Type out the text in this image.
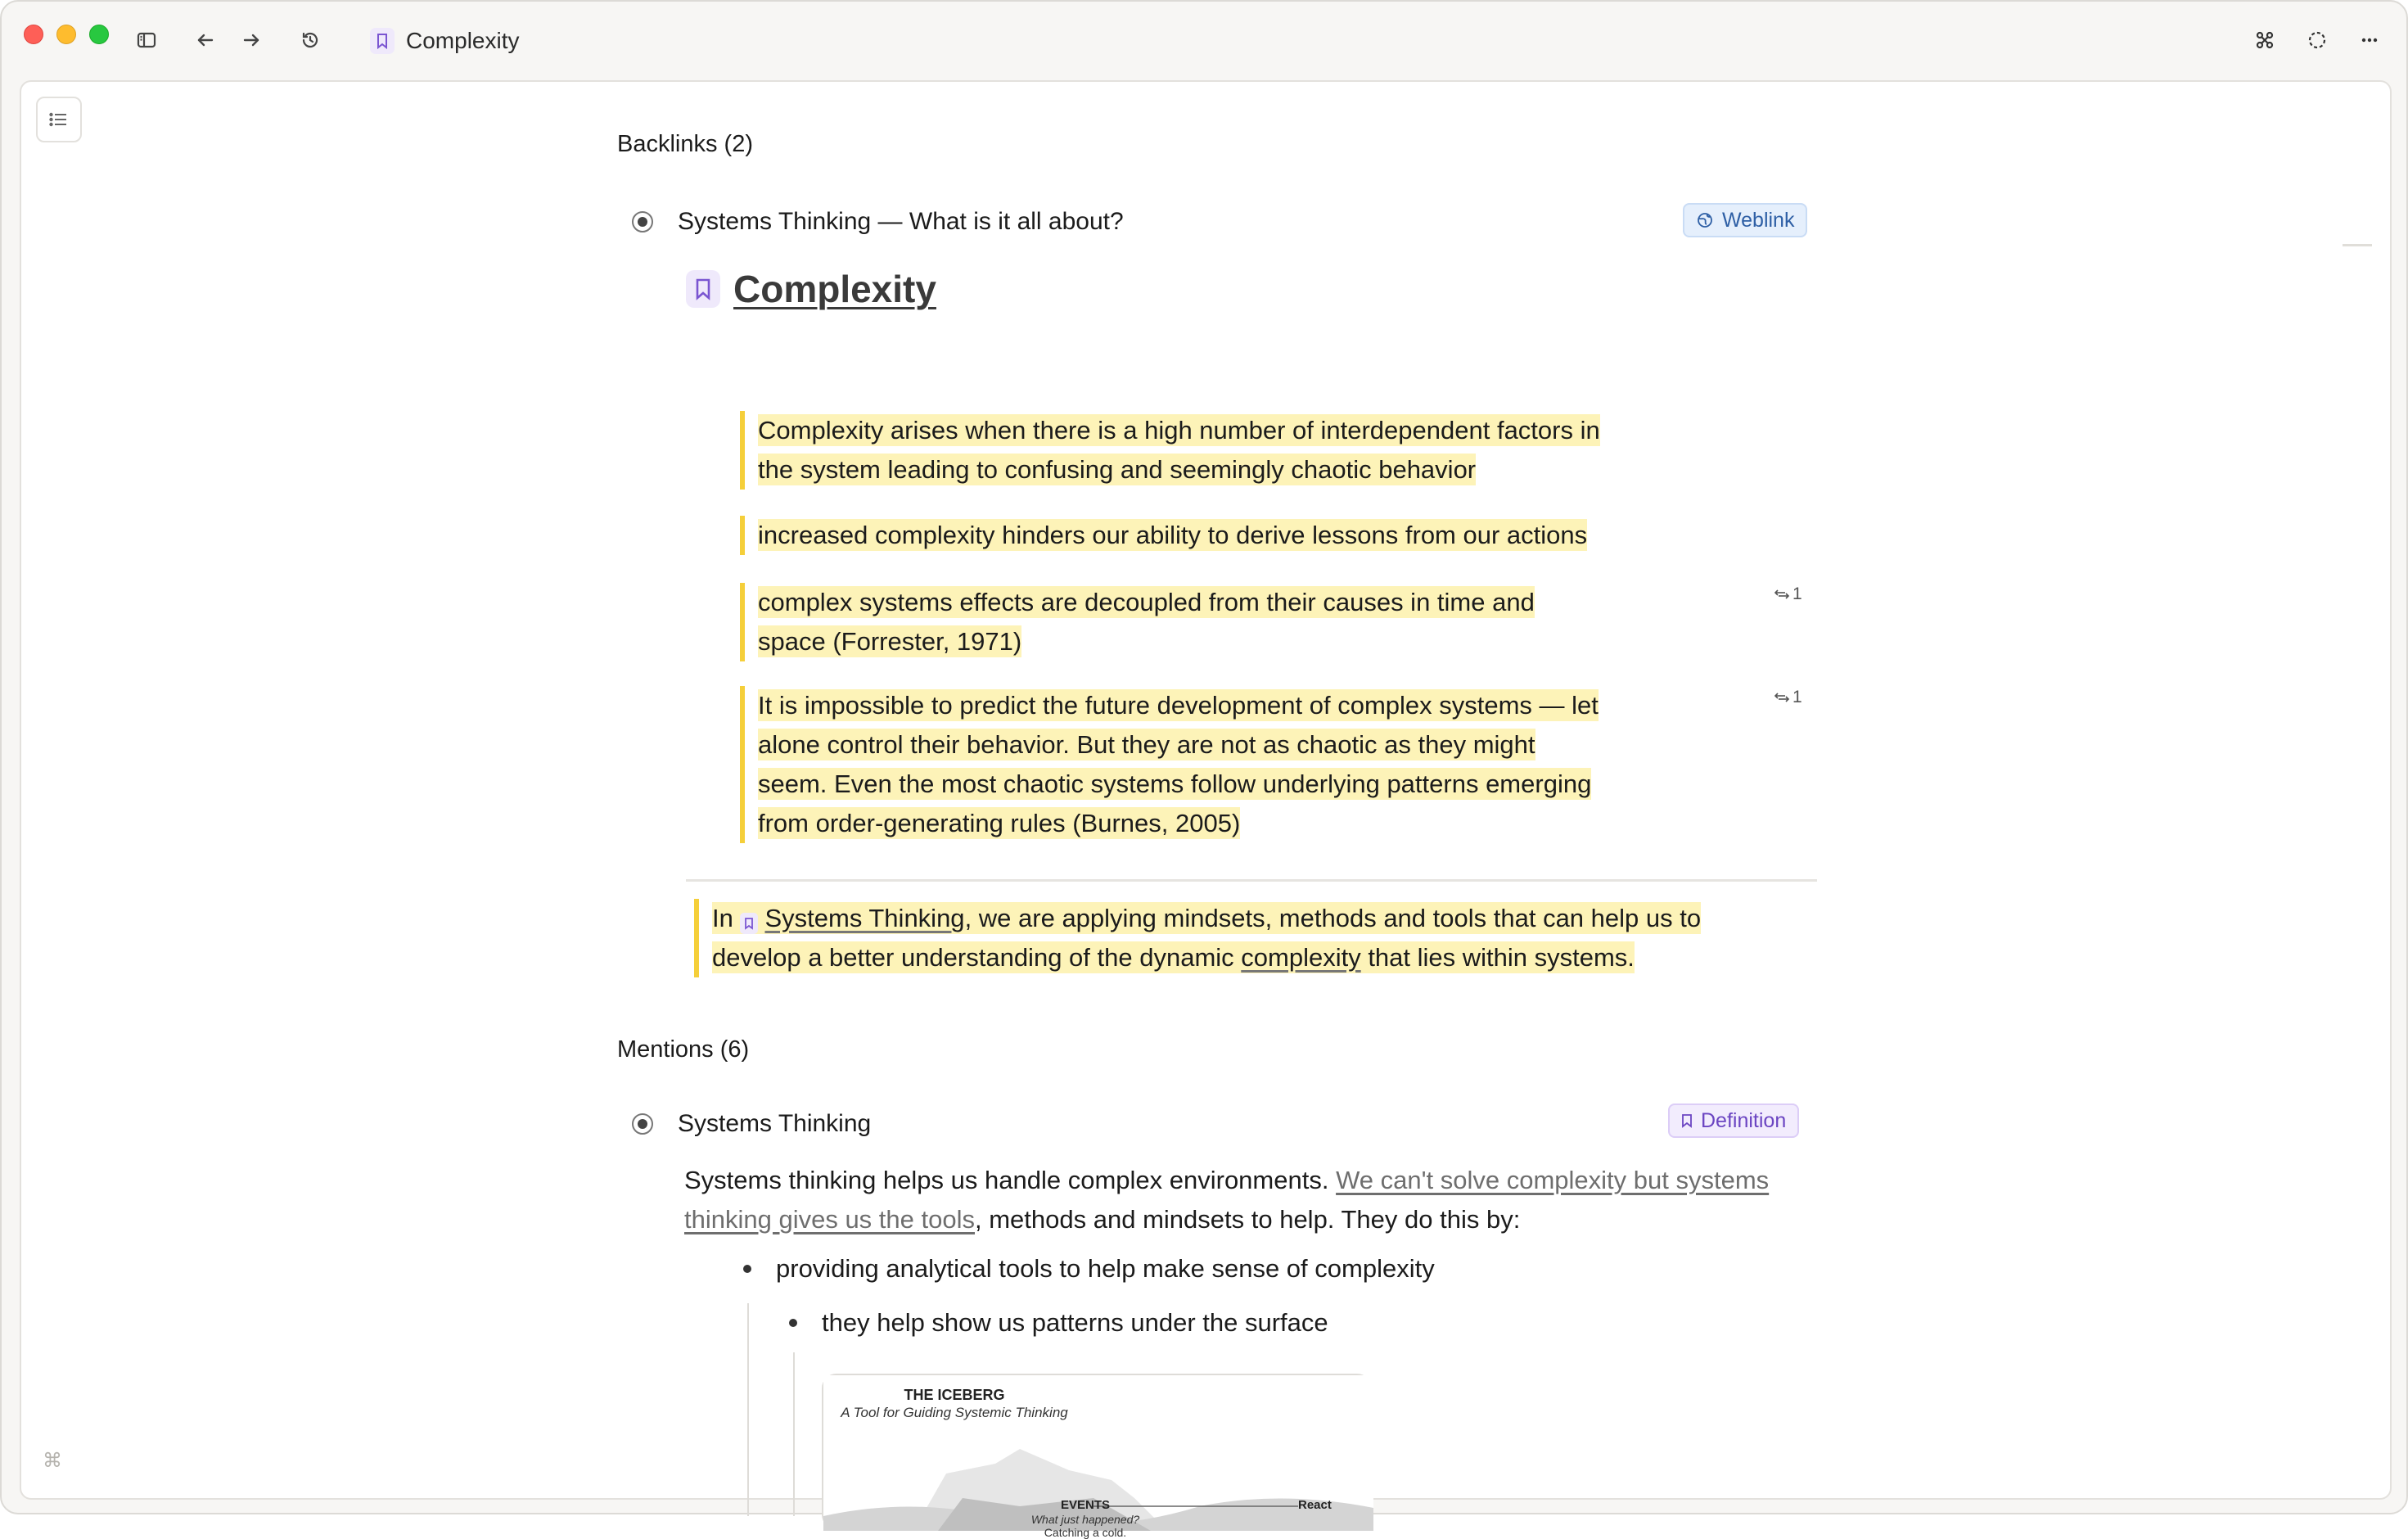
Complexity
⌘
Backlinks (2)
Systems Thinking — What is it all about?	Weblink
Complexity

Complexity arises when there is a high number of interdependent factors in the system leading to confusing and seemingly chaotic behavior

increased complexity hinders our ability to derive lessons from our actions

complex systems effects are decoupled from their causes in time and space (Forrester, 1971)

1

It is impossible to predict the future development of complex systems — let alone control their behavior. But they are not as chaotic as they might seem. Even the most chaotic systems follow underlying patterns emerging from order-generating rules (Burnes, 2005)

1

In
Systems Thinking, we are applying mindsets, methods and tools that can help us to develop a better understanding of the dynamic complexity that lies within systems.

Mentions (6)
Systems Thinking	Definition
Systems thinking helps us handle complex environments. We can't solve complexity but systems thinking gives us the tools, methods and mindsets to help. They do this by:
providing analytical tools to help make sense of complexity
they help show us patterns under the surface
THE ICEBERG
A Tool for Guiding Systemic Thinking
EVENTS
What just happened?
Catching a cold.
React
